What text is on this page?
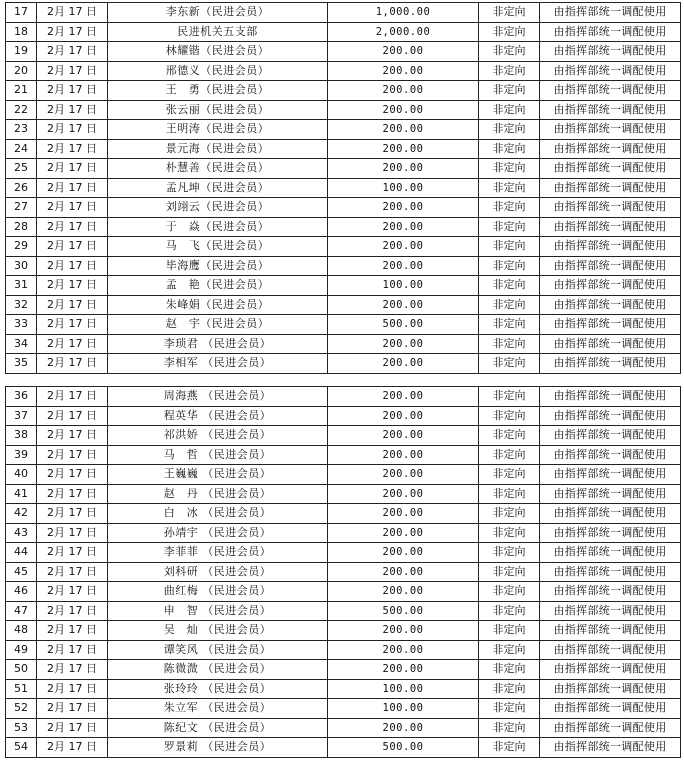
17	2月 17 日	李东新（民进会员）	1,000.00	非定向	由指挥部统一调配使用
18	2月 17 日	民进机关五支部	2,000.00	非定向	由指挥部统一调配使用
19	2月 17 日	林耀锴（民进会员）	200.00	非定向	由指挥部统一调配使用
20	2月 17 日	邢德义（民进会员）	200.00	非定向	由指挥部统一调配使用
21	2月 17 日	王　勇（民进会员）	200.00	非定向	由指挥部统一调配使用
22	2月 17 日	张云丽（民进会员）	200.00	非定向	由指挥部统一调配使用
23	2月 17 日	王明涛（民进会员）	200.00	非定向	由指挥部统一调配使用
24	2月 17 日	景元海（民进会员）	200.00	非定向	由指挥部统一调配使用
25	2月 17 日	朴慧善（民进会员）	200.00	非定向	由指挥部统一调配使用
26	2月 17 日	孟凡坤（民进会员）	100.00	非定向	由指挥部统一调配使用
27	2月 17 日	刘翊云（民进会员）	200.00	非定向	由指挥部统一调配使用
28	2月 17 日	于　焱（民进会员）	200.00	非定向	由指挥部统一调配使用
29	2月 17 日	马　飞（民进会员）	200.00	非定向	由指挥部统一调配使用
30	2月 17 日	毕海鹰（民进会员）	200.00	非定向	由指挥部统一调配使用
31	2月 17 日	孟　艳（民进会员）	100.00	非定向	由指挥部统一调配使用
32	2月 17 日	朱峰娟（民进会员）	200.00	非定向	由指挥部统一调配使用
33	2月 17 日	赵　宇（民进会员）	500.00	非定向	由指挥部统一调配使用
34	2月 17 日	李琐君 （民进会员）	200.00	非定向	由指挥部统一调配使用
35	2月 17 日	李相军 （民进会员）	200.00	非定向	由指挥部统一调配使用
36	2月 17 日	周海燕 （民进会员）	200.00	非定向	由指挥部统一调配使用
37	2月 17 日	程英华 （民进会员）	200.00	非定向	由指挥部统一调配使用
38	2月 17 日	祁洪娇 （民进会员）	200.00	非定向	由指挥部统一调配使用
39	2月 17 日	马　哲 （民进会员）	200.00	非定向	由指挥部统一调配使用
40	2月 17 日	王巍巍 （民进会员）	200.00	非定向	由指挥部统一调配使用
41	2月 17 日	赵　丹 （民进会员）	200.00	非定向	由指挥部统一调配使用
42	2月 17 日	白　冰 （民进会员）	200.00	非定向	由指挥部统一调配使用
43	2月 17 日	孙靖宇 （民进会员）	200.00	非定向	由指挥部统一调配使用
44	2月 17 日	李菲菲 （民进会员）	200.00	非定向	由指挥部统一调配使用
45	2月 17 日	刘科研 （民进会员）	200.00	非定向	由指挥部统一调配使用
46	2月 17 日	曲红梅 （民进会员）	200.00	非定向	由指挥部统一调配使用
47	2月 17 日	申　智 （民进会员）	500.00	非定向	由指挥部统一调配使用
48	2月 17 日	吴　灿 （民进会员）	200.00	非定向	由指挥部统一调配使用
49	2月 17 日	谭笑风 （民进会员）	200.00	非定向	由指挥部统一调配使用
50	2月 17 日	陈微溦 （民进会员）	200.00	非定向	由指挥部统一调配使用
51	2月 17 日	张玲玲 （民进会员）	100.00	非定向	由指挥部统一调配使用
52	2月 17 日	朱立军 （民进会员）	100.00	非定向	由指挥部统一调配使用
53	2月 17 日	陈纪文 （民进会员）	200.00	非定向	由指挥部统一调配使用
54	2月 17 日	罗景莉 （民进会员）	500.00	非定向	由指挥部统一调配使用
